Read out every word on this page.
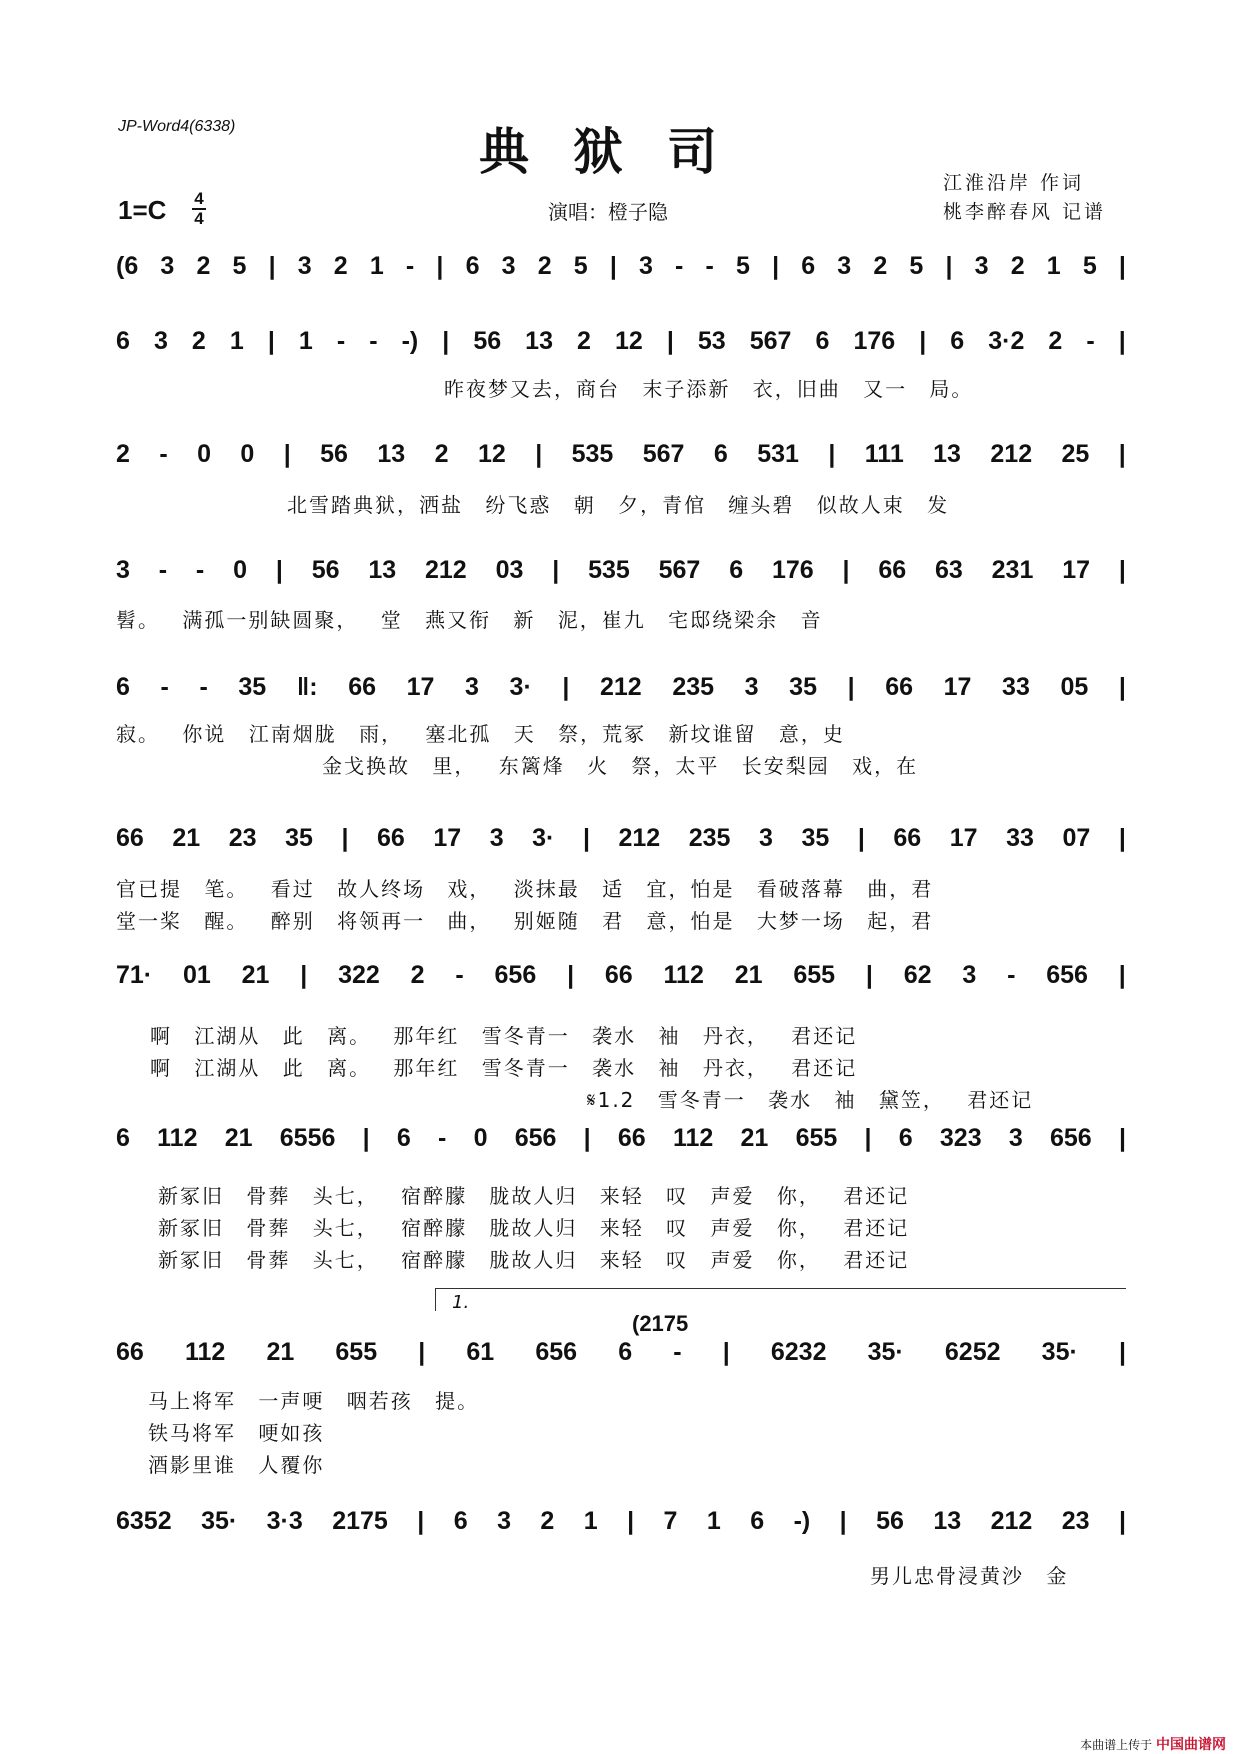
JP-Word4(6338)	典狱司
1=C 4
4	演唱：橙子隐
江淮沿岸 作词
桃李醉春风 记谱
1.
(2175
(6 3 2 5 | 3 2 1 - | 6 3 2 5 | 3 - - 5 | 6 3 2 5 | 3 2 1 5 |
6 3 2 1 | 1 - - -) | 56 13 2 12 | 53 567 6 176 | 6 3·2 2 - |
2 - 0 0 | 56 13 2 12 | 535 567 6 531 | 111 13 212 25 |
3 - - 0 | 56 13 212 03 | 535 567 6 176 | 66 63 231 17 |
6 - - 35 ‖: 66 17 3 3· | 212 235 3 35 | 66 17 33 05 |
66 21 23 35 | 66 17 3 3· | 212 235 3 35 | 66 17 33 07 |
71· 01 21 | 322 2 - 656 | 66 112 21 655 | 62 3 - 656 |
6 112 21 6556 | 6 - 0 656 | 66 112 21 655 | 6 323 3 656 |
66 112 21 655 | 61 656 6 - | 6232 35· 6252 35· |
6352 35· 3·3 2175 | 6 3 2 1 | 7 1 6 -) | 56 13 212 23 |
昨夜梦又去，商台 末子添新 衣，旧曲 又一 局。
北雪踏典狱，洒盐 纷飞惑 朝 夕，青倌 缠头碧 似故人束 发
髫。 满孤一别缺圆聚， 堂 燕又衔 新 泥，崔九 宅邸绕梁余 音
寂。 你说 江南烟胧 雨， 塞北孤 天 祭，荒冢 新坟谁留 意，史
金戈换故 里， 东篱烽 火 祭，太平 长安梨园 戏，在
官已提 笔。 看过 故人终场 戏， 淡抹最 适 宜，怕是 看破落幕 曲，君
堂一桨 醒。 醉别 将领再一 曲， 别姬随 君 意，怕是 大梦一场 起，君
啊 江湖从 此 离。 那年红 雪冬青一 袭水 袖 丹衣， 君还记
啊 江湖从 此 离。 那年红 雪冬青一 袭水 袖 丹衣， 君还记
𝄋1.2 雪冬青一 袭水 袖 黛笠， 君还记
新冢旧 骨葬 头七， 宿醉朦 胧故人归 来轻 叹 声爱 你， 君还记
新冢旧 骨葬 头七， 宿醉朦 胧故人归 来轻 叹 声爱 你， 君还记
新冢旧 骨葬 头七， 宿醉朦 胧故人归 来轻 叹 声爱 你， 君还记
马上将军 一声哽 咽若孩 提。
铁马将军 哽如孩
酒影里谁 人覆你
男儿忠骨浸黄沙 金
本曲谱上传于 中国曲谱网
